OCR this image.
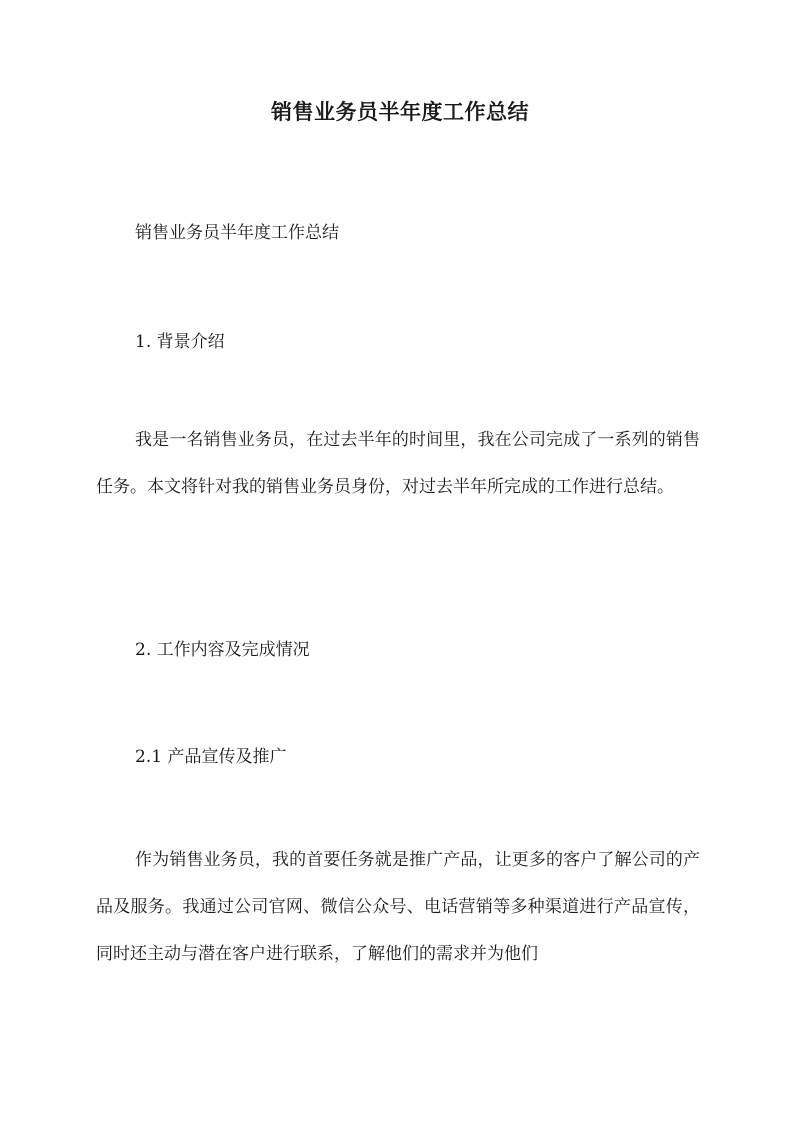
销售业务员半年度工作总结

销售业务员半年度工作总结

1. 背景介绍

我是一名销售业务员，在过去半年的时间里，我在公司完成了一系列的销售任务。本文将针对我的销售业务员身份，对过去半年所完成的工作进行总结。

2. 工作内容及完成情况

2.1 产品宣传及推广

作为销售业务员，我的首要任务就是推广产品，让更多的客户了解公司的产品及服务。我通过公司官网、微信公众号、电话营销等多种渠道进行产品宣传，同时还主动与潜在客户进行联系，了解他们的需求并为他们
